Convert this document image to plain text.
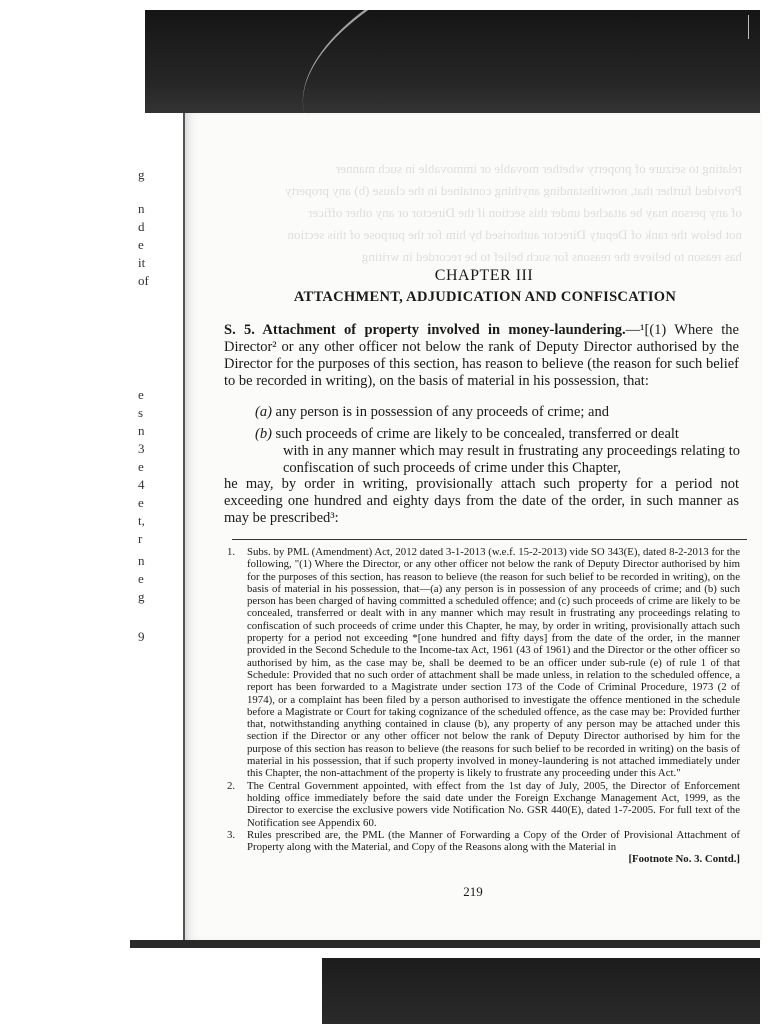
g
n
d
e
it
of
e
s
n
3
e
4
e
t,
r
n
e
g
9
relating to seizure of property whether movable or immovable in such manner
Provided further that, notwithstanding anything contained in the clause (b) any property
of any person may be attached under this section if the Director or any other officer
not below the rank of Deputy Director authorised by him for the purpose of this section
has reason to believe the reasons for such belief to be recorded in writing
CHAPTER III
ATTACHMENT, ADJUDICATION AND CONFISCATION
S. 5. Attachment of property involved in money-laundering.—¹[(1) Where the Director² or any other officer not below the rank of Deputy Director authorised by the Director for the purposes of this section, has reason to believe (the reason for such belief to be recorded in writing), on the basis of material in his possession, that:
(a) any person is in possession of any proceeds of crime; and
(b) such proceeds of crime are likely to be concealed, transferred or dealt
with in any manner which may result in frustrating any proceedings relating to confiscation of such proceeds of crime under this Chapter,
he may, by order in writing, provisionally attach such property for a period not exceeding one hundred and eighty days from the date of the order, in such manner as may be prescribed³:
1. Subs. by PML (Amendment) Act, 2012 dated 3-1-2013 (w.e.f. 15-2-2013) vide SO 343(E), dated 8-2-2013 for the following, "(1) Where the Director, or any other officer not below the rank of Deputy Director authorised by him for the purposes of this section, has reason to believe (the reason for such belief to be recorded in writing), on the basis of material in his possession, that—(a) any person is in possession of any proceeds of crime; and (b) such person has been charged of having committed a scheduled offence; and (c) such proceeds of crime are likely to be concealed, transferred or dealt with in any manner which may result in frustrating any proceedings relating to confiscation of such proceeds of crime under this Chapter, he may, by order in writing, provisionally attach such property for a period not exceeding *[one hundred and fifty days] from the date of the order, in the manner provided in the Second Schedule to the Income-tax Act, 1961 (43 of 1961) and the Director or the other officer so authorised by him, as the case may be, shall be deemed to be an officer under sub-rule (e) of rule 1 of that Schedule: Provided that no such order of attachment shall be made unless, in relation to the scheduled offence, a report has been forwarded to a Magistrate under section 173 of the Code of Criminal Procedure, 1973 (2 of 1974), or a complaint has been filed by a person authorised to investigate the offence mentioned in the schedule before a Magistrate or Court for taking cognizance of the scheduled offence, as the case may be: Provided further that, notwithstanding anything contained in clause (b), any property of any person may be attached under this section if the Director or any other officer not below the rank of Deputy Director authorised by him for the purpose of this section has reason to believe (the reasons for such belief to be recorded in writing) on the basis of material in his possession, that if such property involved in money-laundering is not attached immediately under this Chapter, the non-attachment of the property is likely to frustrate any proceeding under this Act."
2. The Central Government appointed, with effect from the 1st day of July, 2005, the Director of Enforcement holding office immediately before the said date under the Foreign Exchange Management Act, 1999, as the Director to exercise the exclusive powers vide Notification No. GSR 440(E), dated 1-7-2005. For full text of the Notification see Appendix 60.
3. Rules prescribed are, the PML (the Manner of Forwarding a Copy of the Order of Provisional Attachment of Property along with the Material, and Copy of the Reasons along with the Material in
[Footnote No. 3. Contd.]
219
